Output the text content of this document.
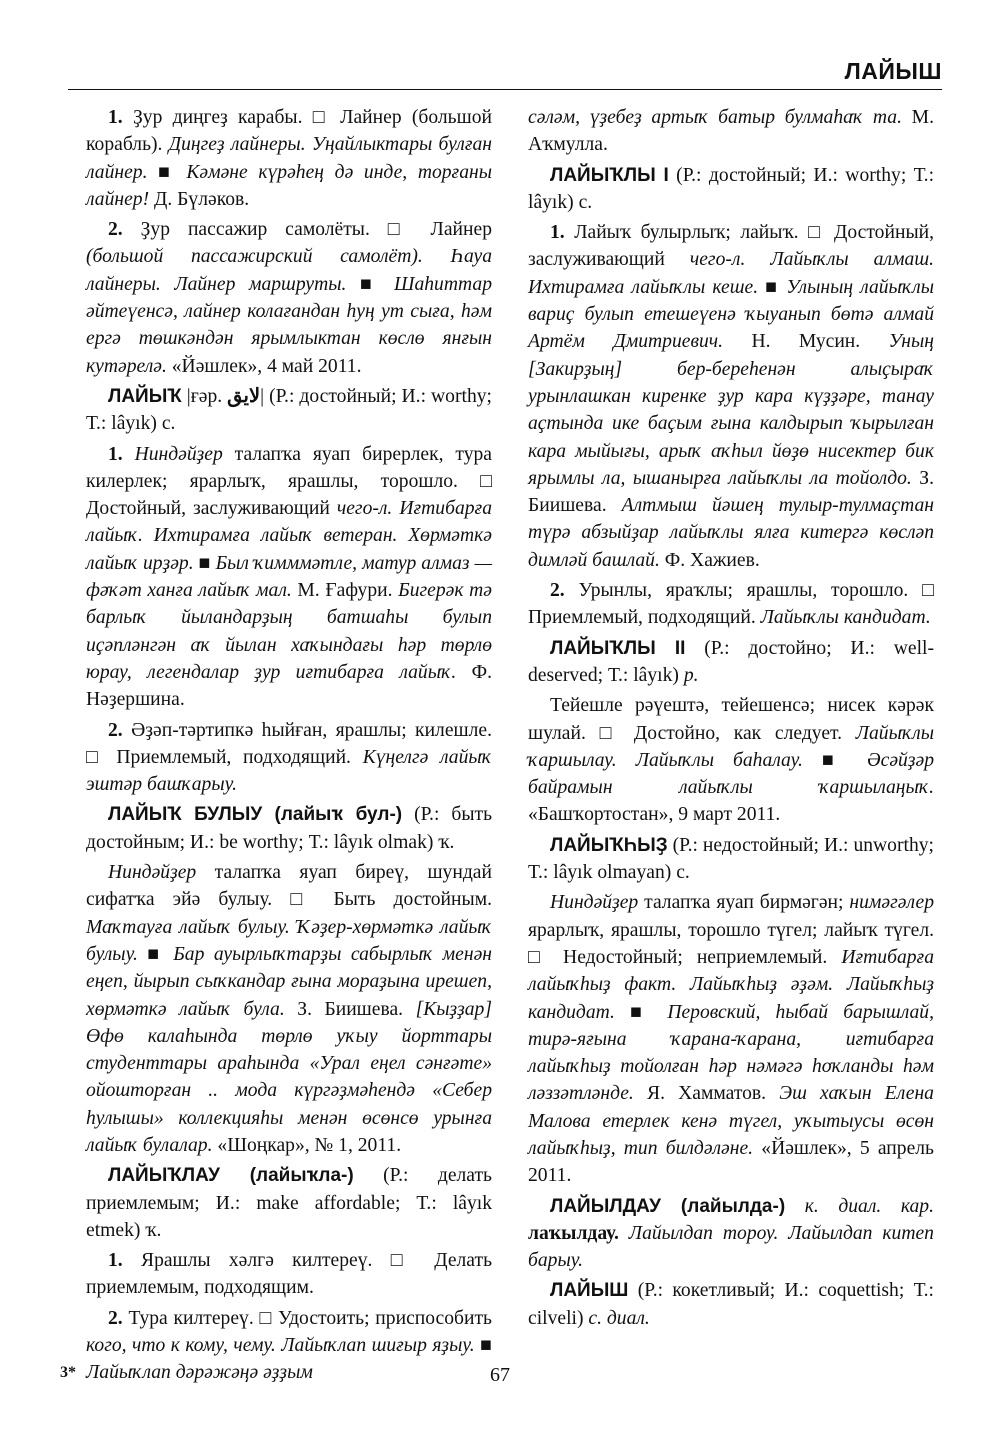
ЛАЙЫШ

1. Ҙур диңгеҙ карабы. □ Лайнер (большой корабль). Диңгеҙ лайнеры. Уңайлыктары булған лайнер. ■ Кәмәне күрәһең дә инде, торғаны лайнер! Д. Бүләков.

2. Ҙур пассажир самолёты. □ Лайнер (большой пассажирский самолёт). Һауа лайнеры. Лайнер маршруты. ■ Шаһиттар әйтеүенсә, лайнер колағандан һуң ут сыға, һәм ергә төшкәндән ярымлыктан көслө янғын кутәрелә. «Йәшлек», 4 май 2011.

ЛАЙЫҠ |ғәр. لايق| (Р.: достойный; И.: worthy; Т.: lâyık) с.

1. Ниндәйҙер талапҡа яуап бирерлек, тура килерлек; ярарлыҡ, ярашлы, торошло. □ Достойный, заслуживающий чего-л. Иғтибарға лайыҡ. Ихтирамға лайыҡ ветеран. Хөрмәткә лайыҡ ирҙәр. ■ Был ҡимммәтле, матур алмаз — фәҡәт ханға лайыҡ мал. М. Ғафури. Бигерәк тә барлыҡ йыландарҙың батшаһы булып иҫәпләнгән аҡ йылан хаҡындағы һәр төрлө юрау, легендалар ҙур иғтибарға лайыҡ. Ф. Нәҙершина.

2. Әҙәп-тәртипкә һыйған, ярашлы; килешле. □ Приемлемый, подходящий. Күңелгә лайыҡ эштәр башҡарыу.

ЛАЙЫҠ БУЛЫУ (лайыҡ бул-) (Р.: быть достойным; И.: be worthy; Т.: lâyık olmak) ҡ.

Ниндәйҙер талапҡа яуап биреү, шундай сифатҡа эйә булыу. □ Быть достойным. Маҡтауға лайыҡ булыу. Ҡәҙер-хөрмәткә лайыҡ булыу. ■ Бар ауырлыҡтарҙы сабырлыҡ менән еңеп, йырып сыҡкандар ғына мораҙына ирешеп, хөрмәткә лайыҡ була. З. Биишева. [Кыҙҙар] Өфө калаһында төрлө уҡыу йорттары студенттары араһында «Урал еңел сәнғәте» ойошторған .. мода күргәҙмәһендә «Себер һулышы» коллекцияһы менән өсөнсө урынға лайыҡ булалар. «Шоңкар», № 1, 2011.

ЛАЙЫҠЛАУ (лайыҡла-) (Р.: делать приемлемым; И.: make affordable; Т.: lâyık etmek) ҡ.

1. Ярашлы хәлгә килтереү. □ Делать приемлемым, подходящим.

2. Тура килтереү. □ Удостоить; приспособить кого, что к кому, чему. Лайыҡлап шиғыр яҙыу. ■ Лайыҡлап дәрәжәңә әҙҙым

сәләм, үҙебеҙ артыҡ батыр булмаһаҡ та. М. Аҡмулла.

ЛАЙЫҠЛЫ I (Р.: достойный; И.: worthy; Т.: lâyık) с.

1. Лайыҡ булырлыҡ; лайыҡ. □ Достойный, заслуживающий чего-л. Лайыҡлы алмаш. Ихтирамға лайыҡлы кеше. ■ Улының лайыҡлы вариҫ булып етешеүенә ҡыуанып бөтә алмай Артём Дмитриевич. Н. Мусин. Уның [Закирҙың] бер-береһенән алыҫыраҡ урынлашкан киренке ҙур кара күҙҙәре, танау аҫтында ике баҫым ғына калдырып ҡырылған кара мыйығы, арыҡ аҡһыл йөҙө нисектер бик ярымлы ла, ышанырға лайыҡлы ла тойолдо. З. Биишева. Алтмыш йәшең тулыр-тулмаҫтан түрә абзыйҙар лайыҡлы ялға китергә көсләп димләй башлай. Ф. Хажиев.

2. Урынлы, яраҡлы; ярашлы, торошло. □ Приемлемый, подходящий. Лайыҡлы кандидат.

ЛАЙЫҠЛЫ II (Р.: достойно; И.: well-deserved; Т.: lâyık) р.

Тейешле рәүештә, тейешенсә; нисек кәрәк шулай. □ Достойно, как следует. Лайыҡлы ҡаршылау. Лайыҡлы баһалау. ■ Әсәйҙәр байрамын лайыҡлы ҡаршылаңыҡ. «Башҡортостан», 9 март 2011.

ЛАЙЫҠҺЫҘ (Р.: недостойный; И.: unworthy; Т.: lâyık olmayan) с.

Ниндәйҙер талапҡа яуап бирмәгән; нимәгәлер ярарлыҡ, ярашлы, торошло түгел; лайыҡ түгел. □ Недостойный; неприемлемый. Иғтибарға лайыҡһыҙ факт. Лайыҡһыҙ әҙәм. Лайыҡһыҙ кандидат. ■ Перовский, һыбай барышлай, тирә-яғына ҡарана-ҡарана, иғтибарға лайыҡһыҙ тойолған һәр нәмәгә һоҡланды һәм ләззәтләнде. Я. Хамматов. Эш хаҡын Елена Малова етерлек кенә түгел, уҡытыусы өсөн лайыҡһыҙ, тип билдәләне. «Йәшлек», 5 апрель 2011.

ЛАЙЫЛДАУ (лайылда-) к. диал. кар. лаҡылдау. Лайылдап тороу. Лайылдап китеп барыу.

ЛАЙЫШ (Р.: кокетливый; И.: coquettish; Т.: cilveli) с. диал.

3*	67
